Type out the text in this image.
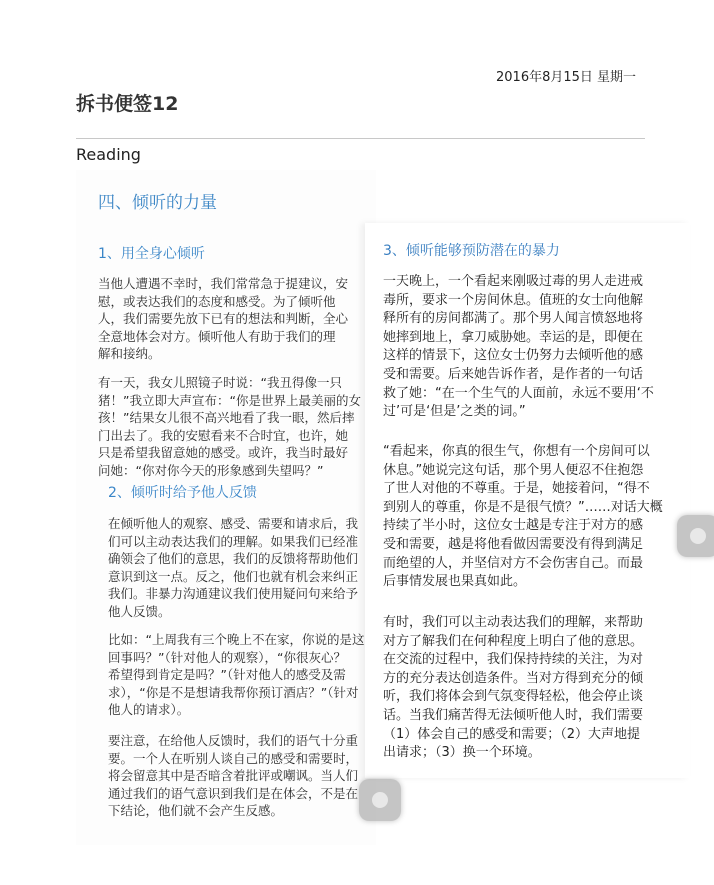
2016年8月15日 星期一
拆书便签12
Reading
四、倾听的力量
1、用全身心倾听

当他人遭遇不幸时，我们常常急于提建议，安
慰，或表达我们的态度和感受。为了倾听他
人，我们需要先放下已有的想法和判断，全心
全意地体会对方。倾听他人有助于我们的理
解和接纳。

有一天，我女儿照镜子时说：“我丑得像一只
猪！”我立即大声宣布：“你是世界上最美丽的女
孩！”结果女儿很不高兴地看了我一眼，然后摔
门出去了。我的安慰看来不合时宜，也许，她
只是希望我留意她的感受。或许，我当时最好
问她：“你对你今天的形象感到失望吗？”

2、倾听时给予他人反馈

在倾听他人的观察、感受、需要和请求后，我
们可以主动表达我们的理解。如果我们已经准
确领会了他们的意思，我们的反馈将帮助他们
意识到这一点。反之，他们也就有机会来纠正
我们。非暴力沟通建议我们使用疑问句来给予
他人反馈。

比如：“上周我有三个晚上不在家，你说的是这
回事吗？”（针对他人的观察），“你很灰心？
希望得到肯定是吗？”（针对他人的感受及需
求），“你是不是想请我帮你预订酒店？”（针对
他人的请求）。

要注意，在给他人反馈时，我们的语气十分重
要。一个人在听别人谈自己的感受和需要时，
将会留意其中是否暗含着批评或嘲讽。当人们
通过我们的语气意识到我们是在体会，不是在
下结论，他们就不会产生反感。

3、倾听能够预防潜在的暴力

一天晚上，一个看起来刚吸过毒的男人走进戒
毒所，要求一个房间休息。值班的女士向他解
释所有的房间都满了。那个男人闻言愤怒地将
她摔到地上，拿刀威胁她。幸运的是，即便在
这样的情景下，这位女士仍努力去倾听他的感
受和需要。后来她告诉作者，是作者的一句话
救了她：“在一个生气的人面前，永远不要用‘不
过’可是‘但是’之类的词。”

“看起来，你真的很生气，你想有一个房间可以
休息。”她说完这句话，那个男人便忍不住抱怨
了世人对他的不尊重。于是，她接着问，“得不
到别人的尊重，你是不是很气愤？”……对话大概
持续了半小时，这位女士越是专注于对方的感
受和需要，越是将他看做因需要没有得到满足
而绝望的人，并坚信对方不会伤害自己。而最
后事情发展也果真如此。

有时，我们可以主动表达我们的理解，来帮助
对方了解我们在何种程度上明白了他的意思。
在交流的过程中，我们保持持续的关注，为对
方的充分表达创造条件。当对方得到充分的倾
听，我们将体会到气氛变得轻松，他会停止谈
话。当我们痛苦得无法倾听他人时，我们需要
（1）体会自己的感受和需要；（2）大声地提
出请求；（3）换一个环境。
